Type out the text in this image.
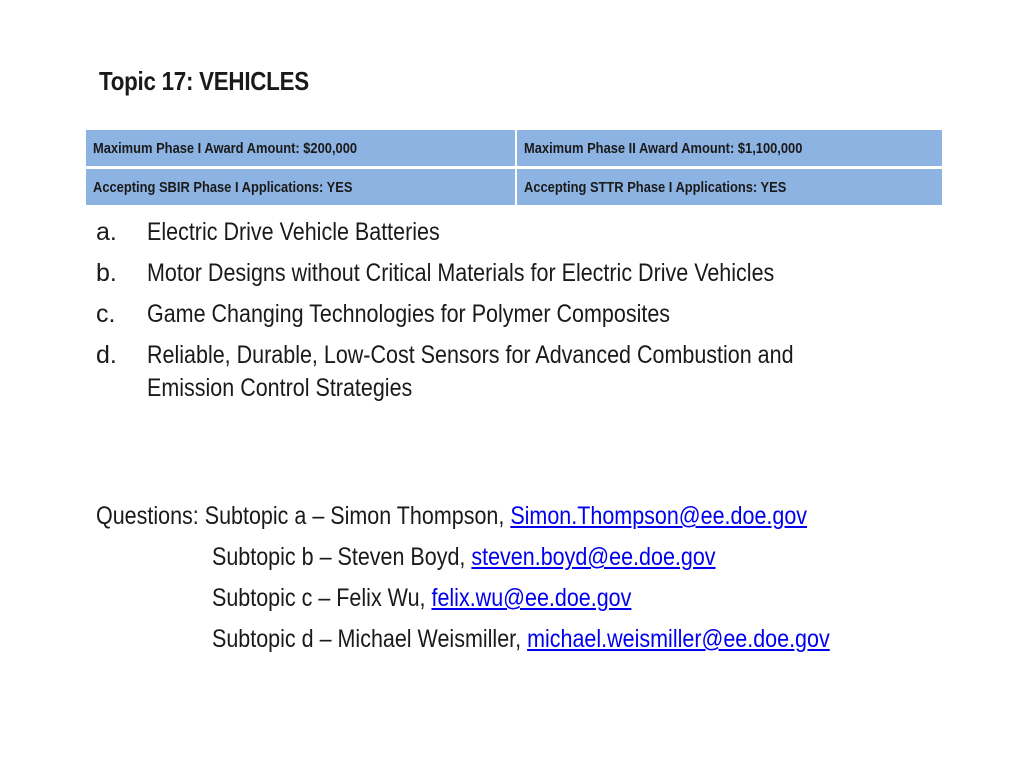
Topic 17: VEHICLES
Maximum Phase I Award Amount: $200,000	Maximum Phase II Award Amount: $1,100,000
Accepting SBIR Phase I Applications: YES	Accepting STTR Phase I Applications: YES
a.	Electric Drive Vehicle Batteries
b.	Motor Designs without Critical Materials for Electric Drive Vehicles
c.	Game Changing Technologies for Polymer Composites
d.	Reliable, Durable, Low-Cost Sensors for Advanced Combustion and Emission Control Strategies
Questions: Subtopic a – Simon Thompson, Simon.Thompson@ee.doe.gov
Subtopic b – Steven Boyd, steven.boyd@ee.doe.gov
Subtopic c – Felix Wu, felix.wu@ee.doe.gov
Subtopic d – Michael Weismiller, michael.weismiller@ee.doe.gov
